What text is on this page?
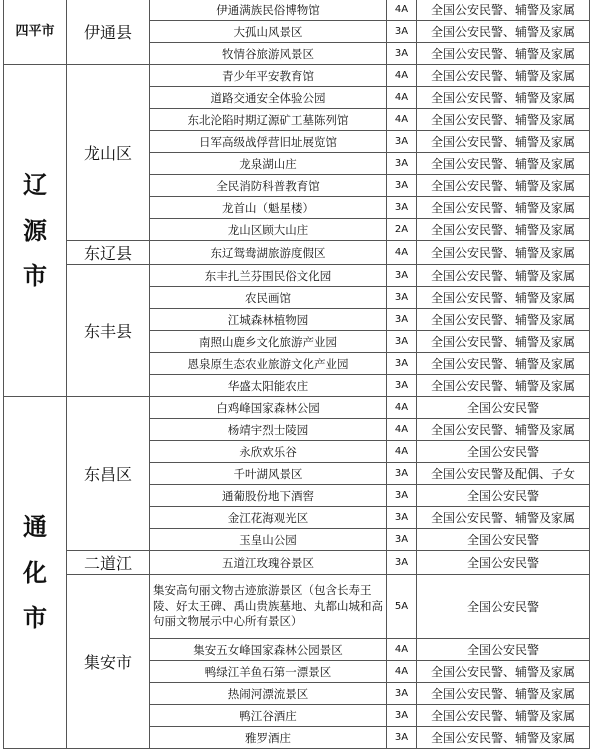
四平市	伊通县	伊通满族民俗博物馆	4A	全国公安民警、辅警及家属
		大孤山风景区	3A	全国公安民警、辅警及家属
		牧情谷旅游风景区	3A	全国公安民警、辅警及家属
辽源市	龙山区	青少年平安教育馆	4A	全国公安民警、辅警及家属
		道路交通安全体验公园	4A	全国公安民警、辅警及家属
		东北沦陷时期辽源矿工墓陈列馆	4A	全国公安民警、辅警及家属
		日军高级战俘营旧址展览馆	3A	全国公安民警、辅警及家属
		龙泉湖山庄	3A	全国公安民警、辅警及家属
		全民消防科普教育馆	3A	全国公安民警、辅警及家属
		龙首山（魁星楼）	3A	全国公安民警、辅警及家属
		龙山区顾大山庄	2A	全国公安民警、辅警及家属
	东辽县	东辽鸳鸯湖旅游度假区	4A	全国公安民警、辅警及家属
	东丰县	东丰扎兰芬围民俗文化园	3A	全国公安民警、辅警及家属
		农民画馆	3A	全国公安民警、辅警及家属
		江城森林植物园	3A	全国公安民警、辅警及家属
		南照山鹿乡文化旅游产业园	3A	全国公安民警、辅警及家属
		恩泉原生态农业旅游文化产业园	3A	全国公安民警、辅警及家属
		华盛太阳能农庄	3A	全国公安民警、辅警及家属
通化市	东昌区	白鸡峰国家森林公园	4A	全国公安民警
		杨靖宇烈士陵园	4A	全国公安民警、辅警及家属
		永欣欢乐谷	4A	全国公安民警
		千叶湖风景区	3A	全国公安民警及配偶、子女
		通葡股份地下酒窖	3A	全国公安民警
		金江花海观光区	3A	全国公安民警、辅警及家属
		玉皇山公园	3A	全国公安民警
	二道江	五道江玫瑰谷景区	3A	全国公安民警
	集安市	集安高句丽文物古迹旅游景区（包含长寿王陵、好太王碑、禹山贵族墓地、丸都山城和高句丽文物展示中心所有景区）	5A	全国公安民警
		集安五女峰国家森林公园景区	4A	全国公安民警
		鸭绿江羊鱼石第一漂景区	4A	全国公安民警、辅警及家属
		热闹河漂流景区	3A	全国公安民警、辅警及家属
		鸭江谷酒庄	3A	全国公安民警、辅警及家属
		雅罗酒庄	3A	全国公安民警、辅警及家属
